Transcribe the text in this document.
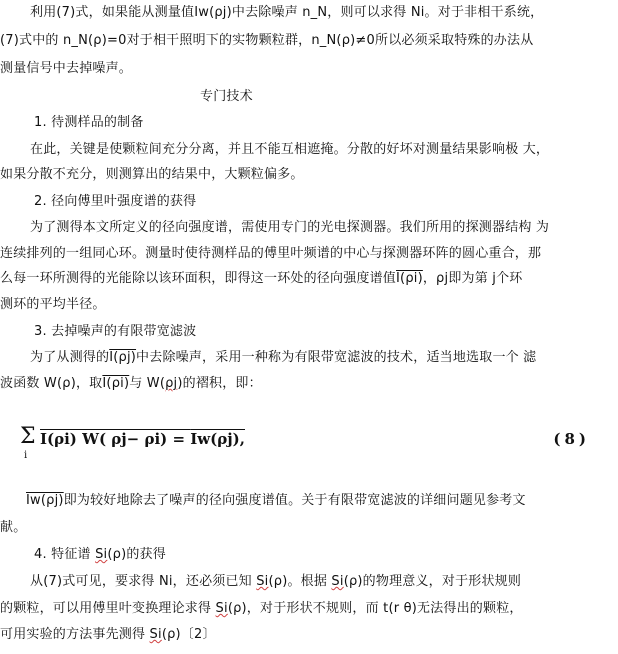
利用(7)式，如果能从测量值Iw(ρj)中去除噪声 n_N，则可以求得 Ni。对于非相干系统，
(7)式中的 n_N(ρ)=0对于相干照明下的实物颗粒群，n_N(ρ)≠0所以必须采取特殊的办法从
测量信号中去掉噪声。
专门技术
1. 待测样品的制备
在此，关键是使颗粒间充分分离，并且不能互相遮掩。分散的好坏对测量结果影响极 大，
如果分散不充分，则测算出的结果中，大颗粒偏多。
2. 径向傅里叶强度谱的获得
为了测得本文所定义的径向强度谱，需使用专门的光电探测器。我们所用的探测器结构 为
连续排列的一组同心环。测量时使待测样品的傅里叶频谱的中心与探测器环阵的圆心重合，那
么每一环所测得的光能除以该环面积，即得这一环处的径向强度谱值I(ρi)，ρj即为第 j个环
测环的平均半径。
3. 去掉噪声的有限带宽滤波
为了从测得的I(ρj)中去除噪声，采用一种称为有限带宽滤波的技术，适当地选取一个 滤
波函数 W(ρ)，取I(ρi)与 W(ρj)的褶积，即：
Σ
i
I(ρi) W( ρj− ρi) = Iw(ρj),	(8)
Iw(ρj)即为较好地除去了噪声的径向强度谱值。关于有限带宽滤波的详细问题见参考文
献。
4. 特征谱 Si(ρ)的获得
从(7)式可见，要求得 Ni，还必须已知 Si(ρ)。根据 Si(ρ)的物理意义，对于形状规则
的颗粒，可以用傅里叶变换理论求得 Si(ρ)，对于形状不规则，而 t(r θ)无法得出的颗粒，
可用实验的方法事先测得 Si(ρ)〔2〕
